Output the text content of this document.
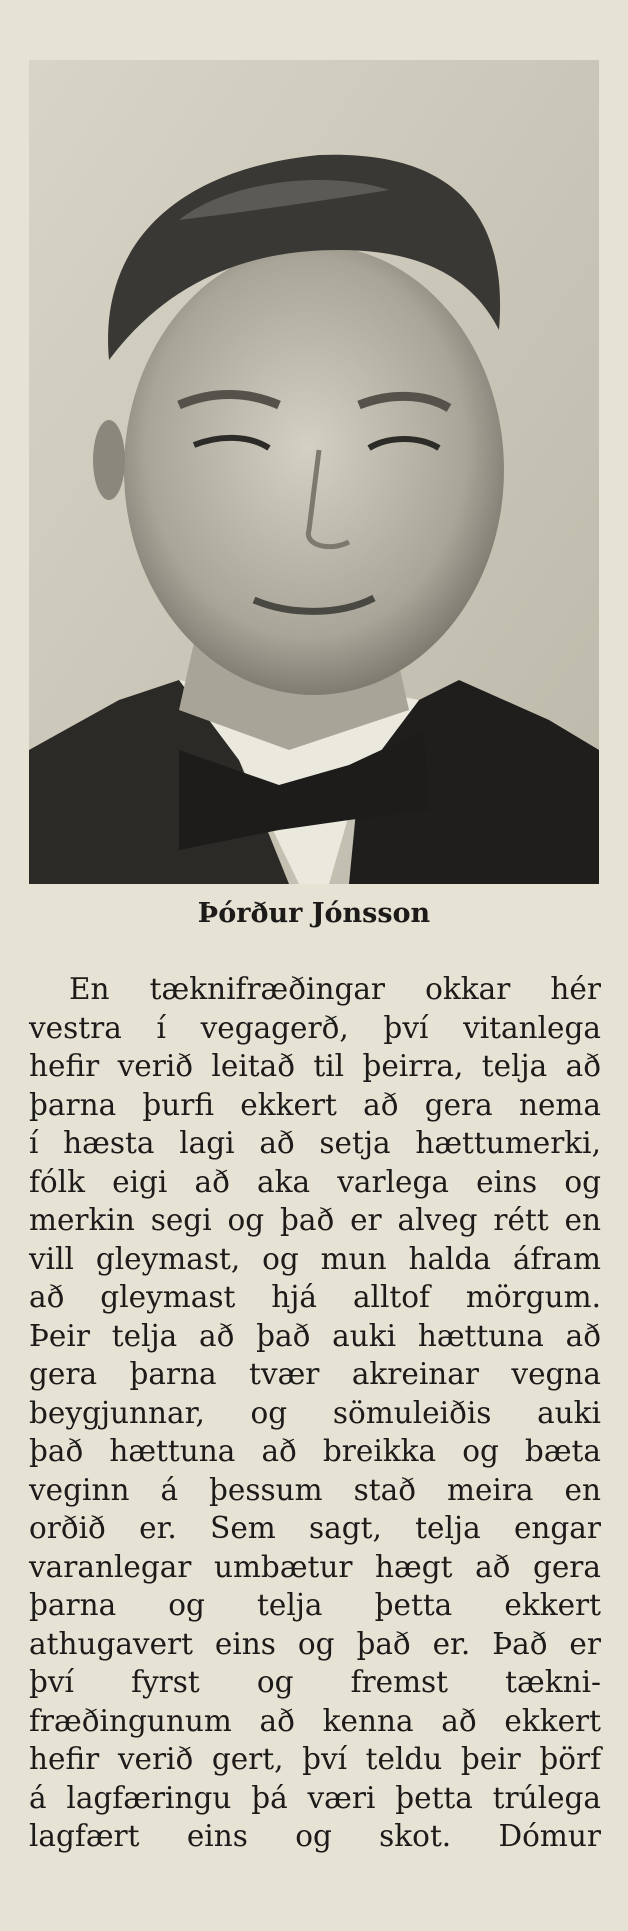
Þórður Jónsson
En tæknifræðingar okkar hér
vestra í vegagerð, því vitanlega
hefir verið leitað til þeirra, telja að
þarna þurfi ekkert að gera nema
í hæsta lagi að setja hættumerki,
fólk eigi að aka varlega eins og
merkin segi og það er alveg rétt en
vill gleymast, og mun halda áfram
að gleymast hjá alltof mörgum.
Þeir telja að það auki hættuna að
gera þarna tvær akreinar vegna
beygjunnar, og sömuleiðis auki
það hættuna að breikka og bæta
veginn á þessum stað meira en
orðið er. Sem sagt, telja engar
varanlegar umbætur hægt að gera
þarna og telja þetta ekkert
athugavert eins og það er. Það er
því fyrst og fremst tækni-
fræðingunum að kenna að ekkert
hefir verið gert, því teldu þeir þörf
á lagfæringu þá væri þetta trúlega
lagfært eins og skot. Dómur
